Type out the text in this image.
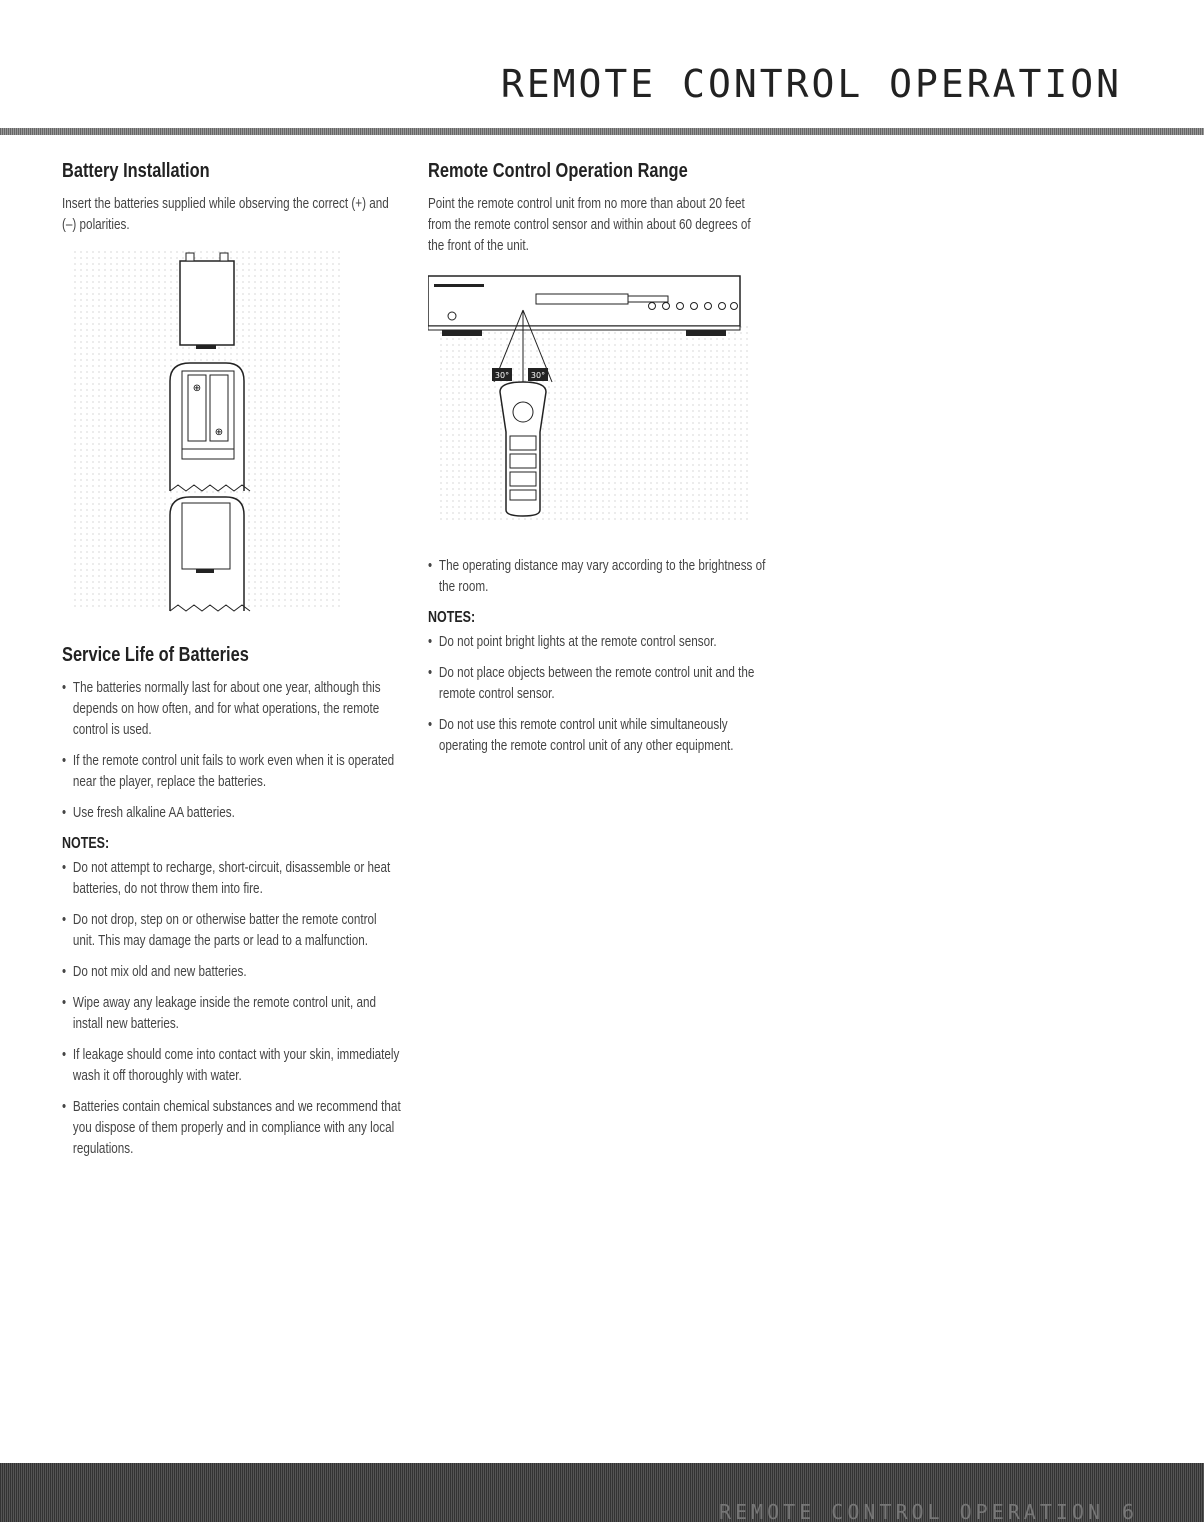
REMOTE CONTROL OPERATION
Battery Installation
Insert the batteries supplied while observing the correct (+) and (–) polarities.
⊕
⊕
Service Life of Batteries
• The batteries normally last for about one year, although this depends on how often, and for what operations, the remote control is used.
• If the remote control unit fails to work even when it is operated near the player, replace the batteries.
• Use fresh alkaline AA batteries.
NOTES:
• Do not attempt to recharge, short-circuit, disassemble or heat batteries, do not throw them into fire.
• Do not drop, step on or otherwise batter the remote control unit. This may damage the parts or lead to a malfunction.
• Do not mix old and new batteries.
• Wipe away any leakage inside the remote control unit, and install new batteries.
• If leakage should come into contact with your skin, immediately wash it off thoroughly with water.
• Batteries contain chemical substances and we recommend that you dispose of them properly and in compliance with any local regulations.
Remote Control Operation Range
Point the remote control unit from no more than about 20 feet from the remote control sensor and within about 60 degrees of the front of the unit.
30°	30°
• The operating distance may vary according to the brightness of the room.
NOTES:
• Do not point bright lights at the remote control sensor.
• Do not place objects between the remote control unit and the remote control sensor.
• Do not use this remote control unit while simultaneously operating the remote control unit of any other equipment.
REMOTE CONTROL OPERATION 6
